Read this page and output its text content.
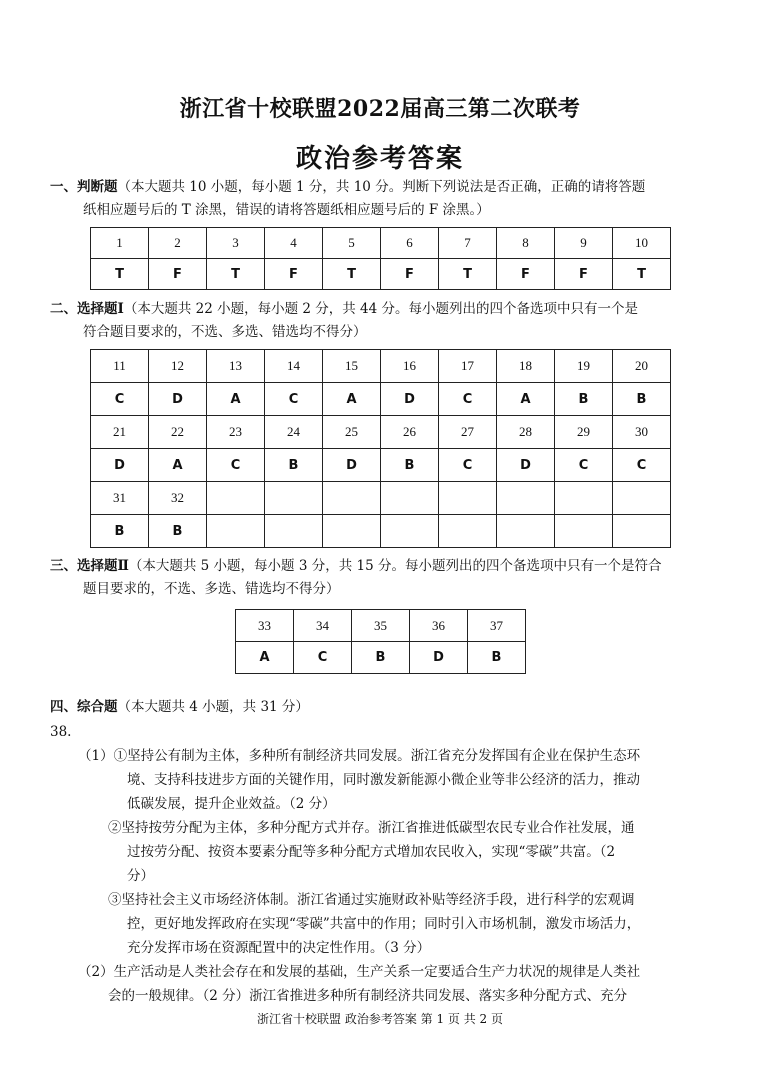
浙江省十校联盟2022届高三第二次联考
政治参考答案
一、判断题（本大题共 10 小题，每小题 1 分，共 10 分。判断下列说法是否正确，正确的请将答题
纸相应题号后的 T 涂黑，错误的请将答题纸相应题号后的 F 涂黑。）
1	2	3	4	5	6	7	8	9	10
T	F	T	F	T	F	T	F	F	T
二、选择题Ⅰ（本大题共 22 小题，每小题 2 分，共 44 分。每小题列出的四个备选项中只有一个是
符合题目要求的，不选、多选、错选均不得分）
11	12	13	14	15	16	17	18	19	20
C	D	A	C	A	D	C	A	B	B
21	22	23	24	25	26	27	28	29	30
D	A	C	B	D	B	C	D	C	C
31	32								
B	B								
三、选择题Ⅱ（本大题共 5 小题，每小题 3 分，共 15 分。每小题列出的四个备选项中只有一个是符合
题目要求的，不选、多选、错选均不得分）
33	34	35	36	37
A	C	B	D	B
四、综合题（本大题共 4 小题，共 31 分）
38.
（1）①坚持公有制为主体，多种所有制经济共同发展。浙江省充分发挥国有企业在保护生态环
境、支持科技进步方面的关键作用，同时激发新能源小微企业等非公经济的活力，推动
低碳发展，提升企业效益。（2 分）
②坚持按劳分配为主体，多种分配方式并存。浙江省推进低碳型农民专业合作社发展，通
过按劳分配、按资本要素分配等多种分配方式增加农民收入，实现“零碳”共富。（2
分）
③坚持社会主义市场经济体制。浙江省通过实施财政补贴等经济手段，进行科学的宏观调
控，更好地发挥政府在实现“零碳”共富中的作用；同时引入市场机制，激发市场活力，
充分发挥市场在资源配置中的决定性作用。（3 分）
（2）生产活动是人类社会存在和发展的基础，生产关系一定要适合生产力状况的规律是人类社
会的一般规律。（2 分）浙江省推进多种所有制经济共同发展、落实多种分配方式、充分
浙江省十校联盟 政治参考答案 第 1 页 共 2 页
